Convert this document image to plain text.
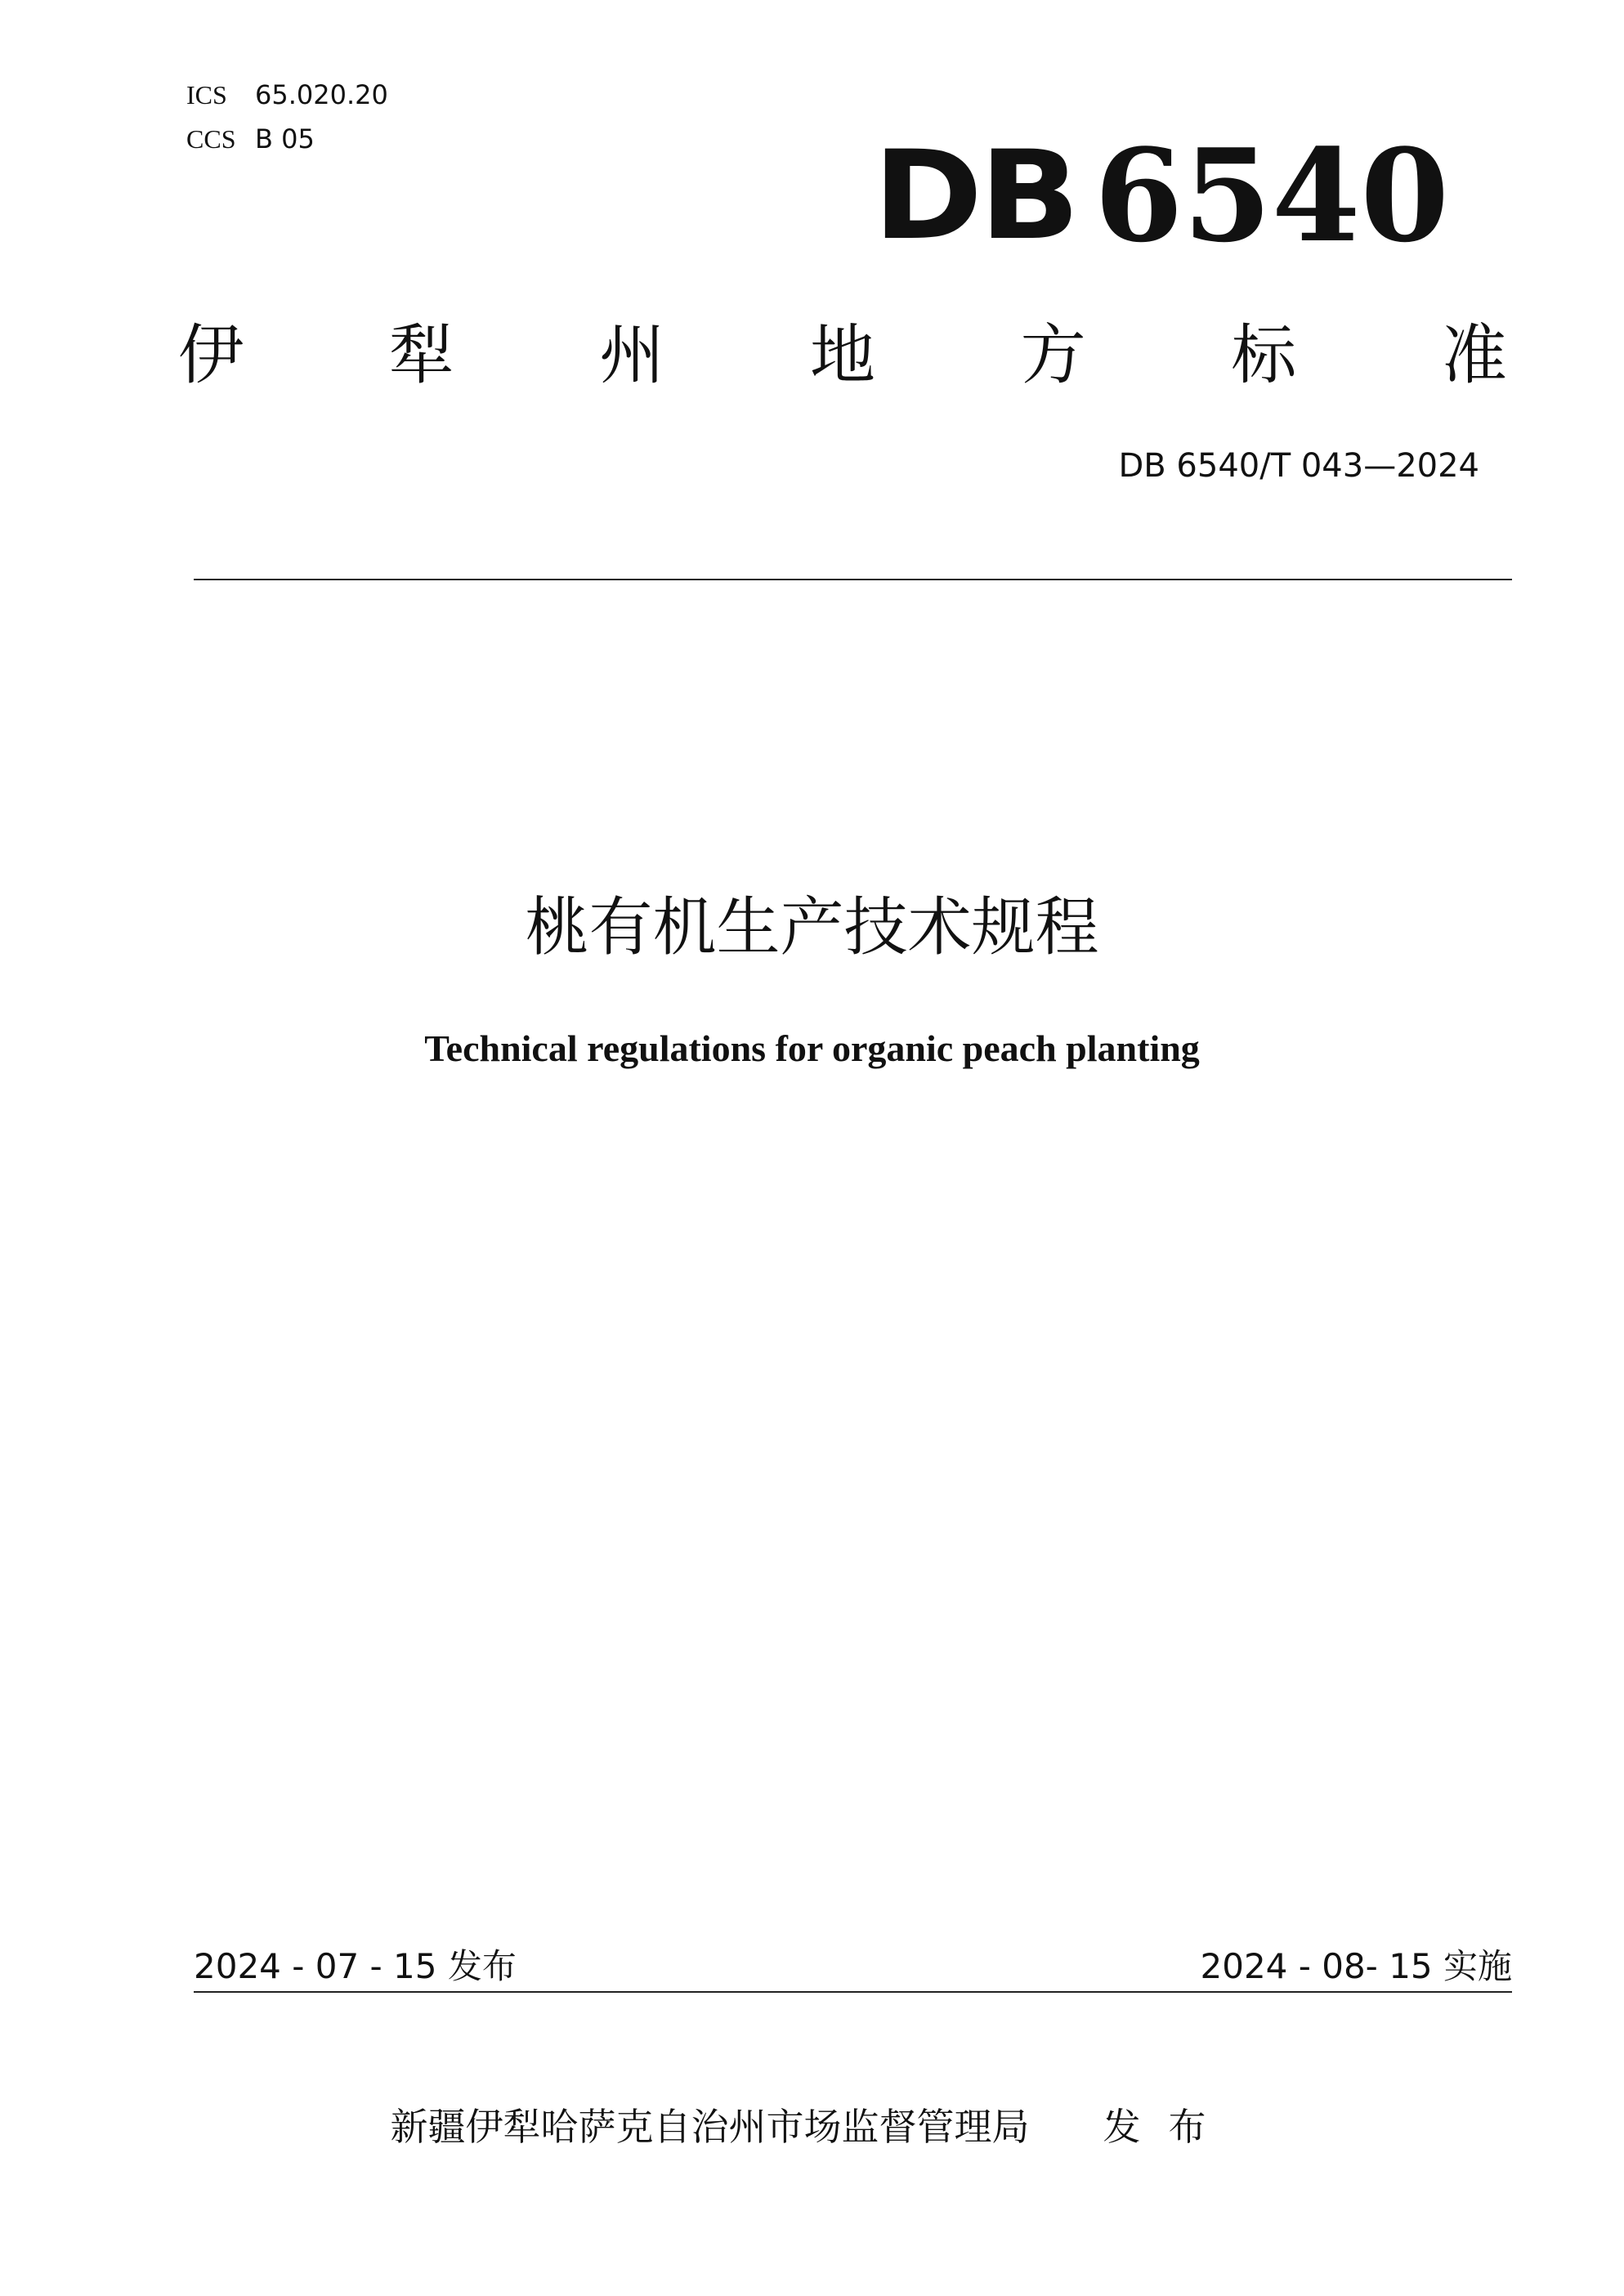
ICS 65.020.20
CCS B 05	DB 6540
伊 犁 州 地 方 标 准
DB 6540/T 043—2024
桃有机生产技术规程
Technical regulations for organic peach planting
2024 - 07 - 15 发布	2024 - 08- 15 实施
新疆伊犁哈萨克自治州市场监督管理局 发布
